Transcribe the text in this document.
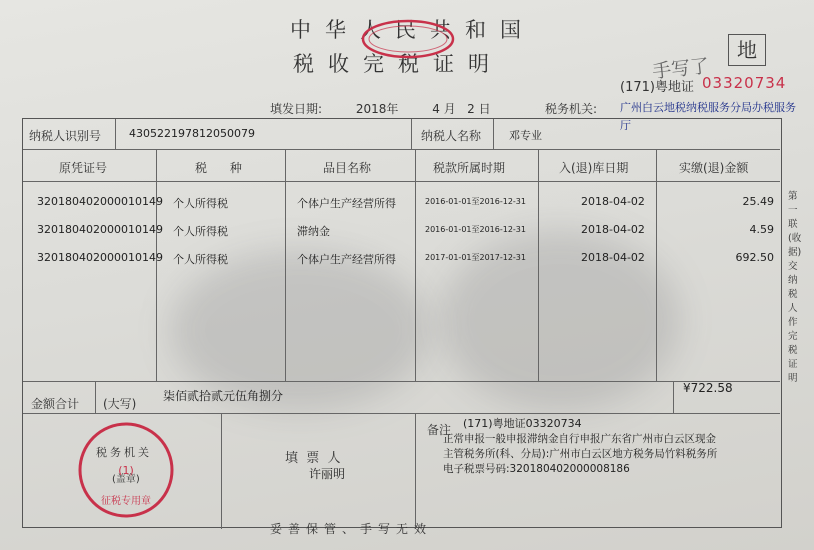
中华人民共和国
税收完税证明	手写了
地
(171)粤地证 03320734
填发日期:	2018年	4 月   2 日	税务机关: 广州白云地税纳税服务分局办税服务厅
纳税人识别号	430522197812050079	纳税人名称	邓专业
原凭证号	税      种	品目名称	税款所属时期	入(退)库日期	实缴(退)金额
320180402000010149 个人所得税	个体户生产经营所得	2016-01-01至2016-12-31	2018-04-02	25.49
320180402000010149 个人所得税	滞纳金	2016-01-01至2016-12-31	2018-04-02	4.59
320180402000010149 个人所得税	个体户生产经营所得	2017-01-01至2017-12-31	2018-04-02	692.50
金额合计 (大写)
柒佰贰拾贰元伍角捌分
¥722.58
填  票  人
许丽明
备注 (171)粤地证03320734
正常申报一般申报滞纳金自行申报广东省广州市白云区现金
主管税务所(科、分局):广州市白云区地方税务局竹料税务所
电子税票号码:320180402000008186
(1)
征税专用章
税务机关
(盖章)
第一联(收据)交纳税人作完税证明
妥善保管、手写无效
